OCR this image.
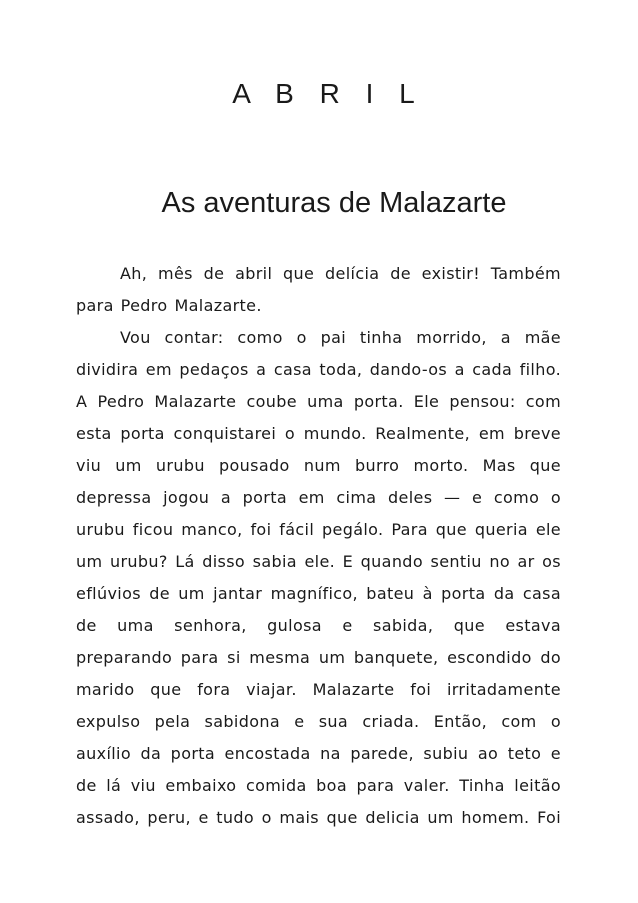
A B R I L
As aventuras de Malazarte

Ah, mês de abril que delícia de existir! Também para Pedro Malazarte.

Vou contar: como o pai tinha morrido, a mãe dividira em pedaços a casa toda, dando-os a cada filho. A Pedro Malazarte coube uma porta. Ele pensou: com esta porta conquistarei o mundo. Realmente, em breve viu um urubu pousado num burro morto. Mas que depressa jogou a porta em cima deles — e como o urubu ficou manco, foi fácil pegálo. Para que queria ele um urubu? Lá disso sabia ele. E quando sentiu no ar os eflúvios de um jantar magnífico, bateu à porta da casa de uma senhora, gulosa e sabida, que estava preparando para si mesma um banquete, escondido do marido que fora viajar. Malazarte foi irritadamente expulso pela sabidona e sua criada. Então, com o auxílio da porta encostada na parede, subiu ao teto e de lá viu embaixo comida boa para valer. Tinha leitão assado, peru, e tudo o mais que delicia um homem. Foi
